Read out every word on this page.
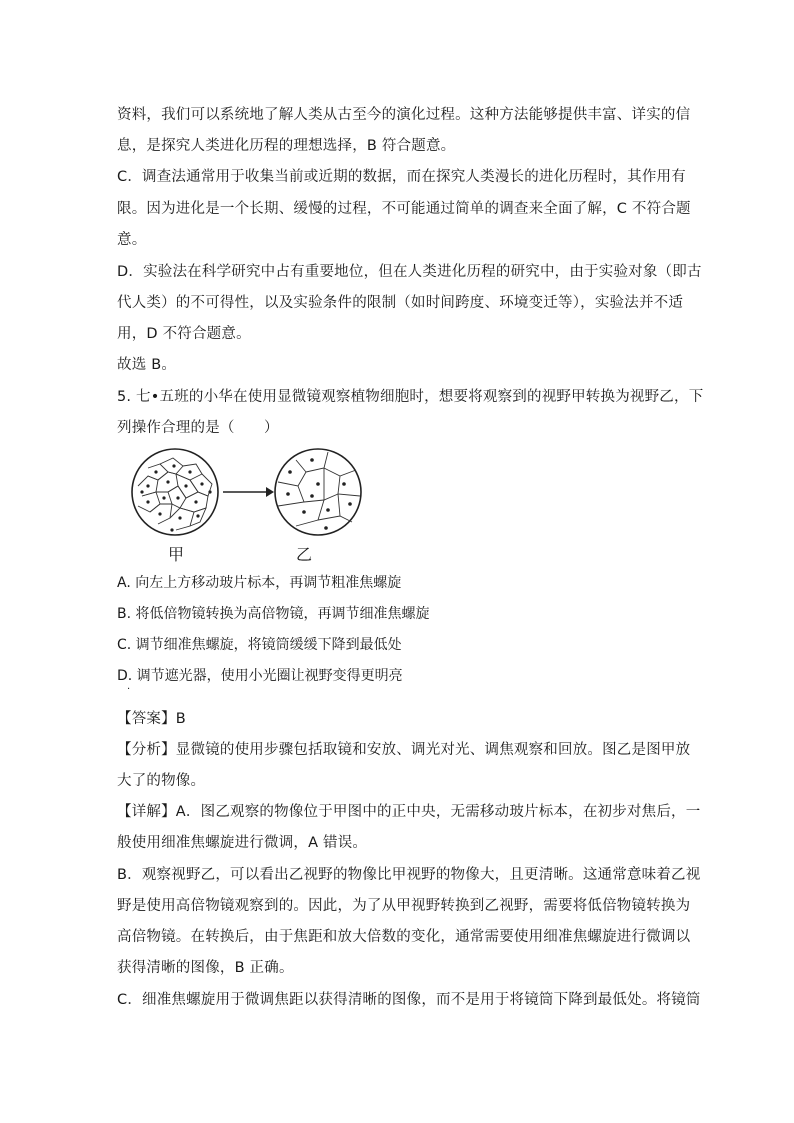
资料，我们可以系统地了解人类从古至今的演化过程。这种方法能够提供丰富、详实的信
息，是探究人类进化历程的理想选择，B 符合题意。
C．调查法通常用于收集当前或近期的数据，而在探究人类漫长的进化历程时，其作用有
限。因为进化是一个长期、缓慢的过程，不可能通过简单的调查来全面了解，C 不符合题
意。
D．实验法在科学研究中占有重要地位，但在人类进化历程的研究中，由于实验对象（即古
代人类）的不可得性，以及实验条件的限制（如时间跨度、环境变迁等），实验法并不适
用，D 不符合题意。
故选 B。
5. 七•五班的小华在使用显微镜观察植物细胞时，想要将观察到的视野甲转换为视野乙，下
列操作合理的是（　　）
甲	乙
A. 向左上方移动玻片标本，再调节粗准焦螺旋
B. 将低倍物镜转换为高倍物镜，再调节细准焦螺旋
C. 调节细准焦螺旋，将镜筒缓缓下降到最低处
D. 调节遮光器，使用小光圈让视野变得更明亮
·
【答案】B
【分析】显微镜的使用步骤包括取镜和安放、调光对光、调焦观察和回放。图乙是图甲放
大了的物像。
【详解】A．图乙观察的物像位于甲图中的正中央，无需移动玻片标本，在初步对焦后，一
般使用细准焦螺旋进行微调，A 错误。
B．观察视野乙，可以看出乙视野的物像比甲视野的物像大，且更清晰。这通常意味着乙视
野是使用高倍物镜观察到的。因此，为了从甲视野转换到乙视野，需要将低倍物镜转换为
高倍物镜。在转换后，由于焦距和放大倍数的变化，通常需要使用细准焦螺旋进行微调以
获得清晰的图像，B 正确。
C．细准焦螺旋用于微调焦距以获得清晰的图像，而不是用于将镜筒下降到最低处。将镜筒
